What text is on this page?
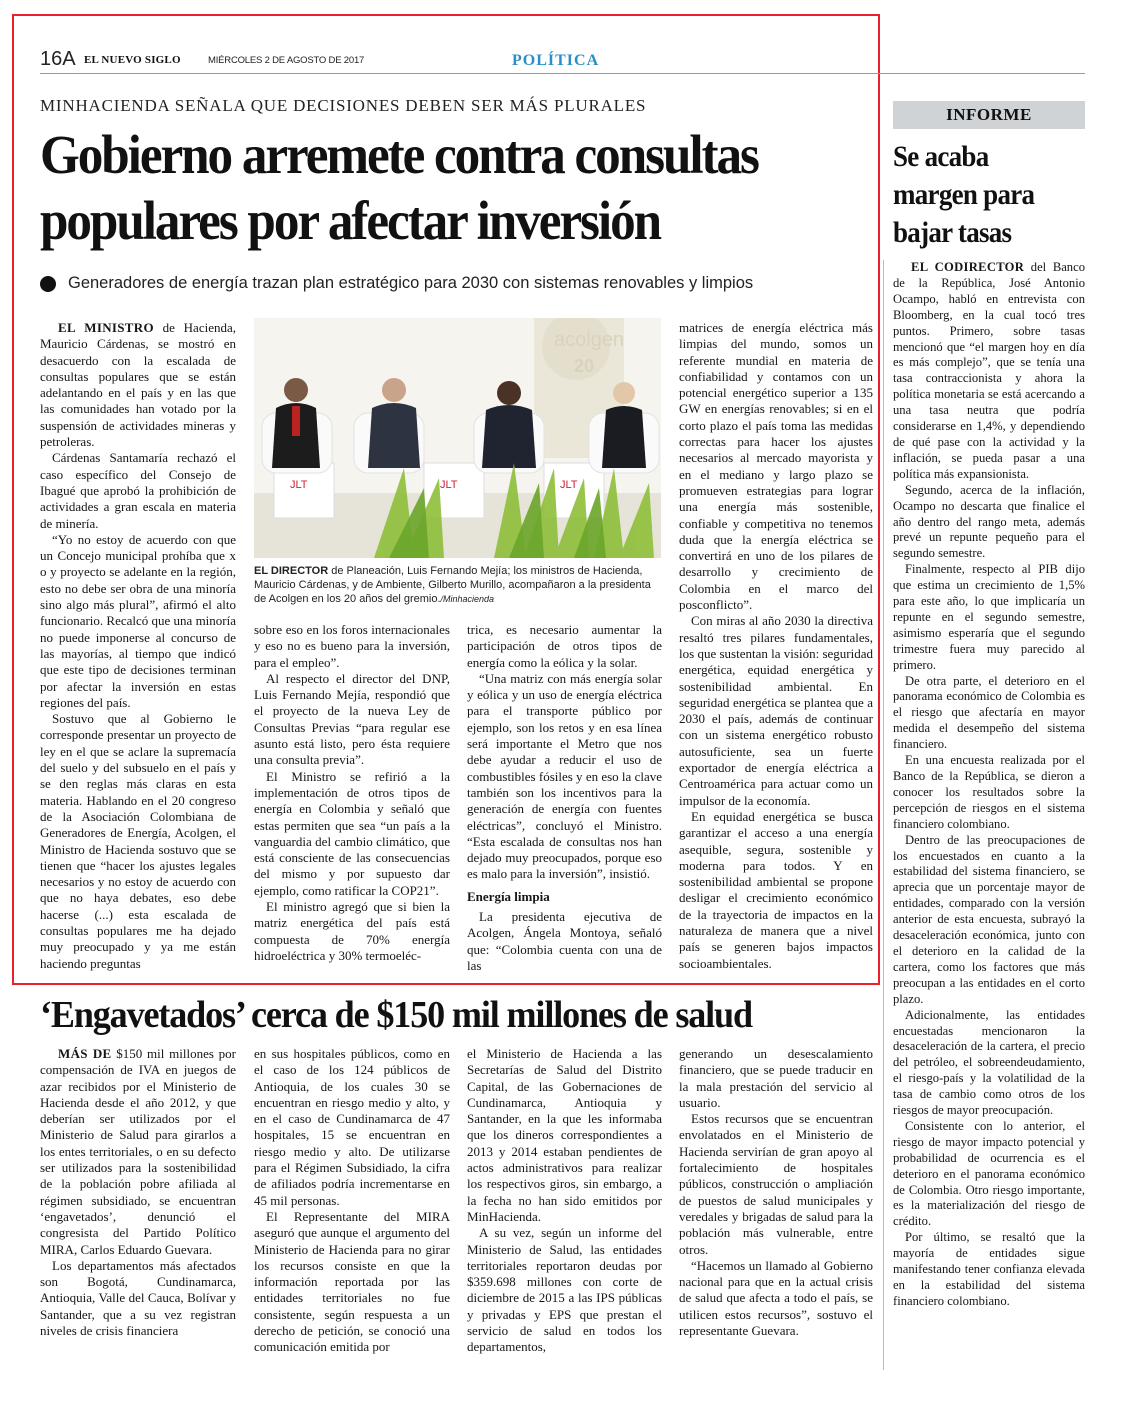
16A EL NUEVO SIGLO	MIÉRCOLES 2 DE AGOSTO DE 2017	POLÍTICA
MINHACIENDA SEÑALA QUE DECISIONES DEBEN SER MÁS PLURALES
Gobierno arremete contra consultas
populares por afectar inversión
Generadores de energía trazan plan estratégico para 2030 con sistemas renovables y limpios

EL MINISTRO de Hacienda, Mauricio Cárdenas, se mostró en desacuerdo con la escalada de consultas populares que se están adelantando en el país y en las que las comunidades han votado por la suspensión de actividades mineras y petroleras.

Cárdenas Santamaría rechazó el caso específico del Consejo de Ibagué que aprobó la prohibición de actividades a gran escala en materia de minería.

“Yo no estoy de acuerdo con que un Concejo municipal prohíba que x o y proyecto se adelante en la región, esto no debe ser obra de una minoría sino algo más plural”, afirmó el alto funcionario. Recalcó que una minoría no puede imponerse al concurso de las mayorías, al tiempo que indicó que este tipo de decisiones terminan por afectar la inversión en estas regiones del país.

Sostuvo que al Gobierno le corresponde presentar un proyecto de ley en el que se aclare la supremacía del suelo y del subsuelo en el país y se den reglas más claras en esta materia. Hablando en el 20 congreso de la Asociación Colombiana de Generadores de Energía, Acolgen, el Ministro de Hacienda sostuvo que se tienen que “hacer los ajustes legales necesarios y no estoy de acuerdo con que no haya debates, eso debe hacerse (...) esta escalada de consultas populares me ha dejado muy preocupado y ya me están haciendo preguntas

acolgen
20
JLT	JLT	JLT
EL DIRECTOR de Planeación, Luis Fernando Mejía; los ministros de Hacienda, Mauricio Cárdenas, y de Ambiente, Gilberto Murillo, acompañaron a la presidenta de Acolgen en los 20 años del gremio./Minhacienda

sobre eso en los foros internacionales y eso no es bueno para la inversión, para el empleo”.

Al respecto el director del DNP, Luis Fernando Mejía, respondió que el proyecto de la nueva Ley de Consultas Previas “para regular ese asunto está listo, pero ésta requiere una consulta previa”.

El Ministro se refirió a la implementación de otros tipos de energía en Colombia y señaló que estas permiten que sea “un país a la vanguardia del cambio climático, que está consciente de las consecuencias del mismo y por supuesto dar ejemplo, como ratificar la COP21”.

El ministro agregó que si bien la matriz energética del país está compuesta de 70% energía hidroeléctrica y 30% termoeléc-

trica, es necesario aumentar la participación de otros tipos de energía como la eólica y la solar.

“Una matriz con más energía solar y eólica y un uso de energía eléctrica para el transporte público por ejemplo, son los retos y en esa línea será importante el Metro que nos debe ayudar a reducir el uso de combustibles fósiles y en eso la clave también son los incentivos para la generación de energía con fuentes eléctricas”, concluyó el Ministro. “Esta escalada de consultas nos han dejado muy preocupados, porque eso es malo para la inversión”, insistió.

Energía limpia

La presidenta ejecutiva de Acolgen, Ángela Montoya, señaló que: “Colombia cuenta con una de las

matrices de energía eléctrica más limpias del mundo, somos un referente mundial en materia de confiabilidad y contamos con un potencial energético superior a 135 GW en energías renovables; si en el corto plazo el país toma las medidas correctas para hacer los ajustes necesarios al mercado mayorista y en el mediano y largo plazo se promueven estrategias para lograr una energía más sostenible, confiable y competitiva no tenemos duda que la energía eléctrica se convertirá en uno de los pilares de desarrollo y crecimiento de Colombia en el marco del posconflicto”.

Con miras al año 2030 la directiva resaltó tres pilares fundamentales, los que sustentan la visión: seguridad energética, equidad energética y sostenibilidad ambiental. En seguridad energética se plantea que a 2030 el país, además de continuar con un sistema energético robusto autosuficiente, sea un fuerte exportador de energía eléctrica a Centroamérica para actuar como un impulsor de la economía.

En equidad energética se busca garantizar el acceso a una energía asequible, segura, sostenible y moderna para todos. Y en sostenibilidad ambiental se propone desligar el crecimiento económico de la trayectoria de impactos en la naturaleza de manera que a nivel país se generen bajos impactos socioambientales.

INFORME
Se acaba
margen para
bajar tasas

EL CODIRECTOR del Banco de la República, José Antonio Ocampo, habló en entrevista con Bloomberg, en la cual tocó tres puntos. Primero, sobre tasas mencionó que “el margen hoy en día es más complejo”, que se tenía una tasa contraccionista y ahora la política monetaria se está acercando a una tasa neutra que podría considerarse en 1,4%, y dependiendo de qué pase con la actividad y la inflación, se pueda pasar a una política más expansionista.

Segundo, acerca de la inflación, Ocampo no descarta que finalice el año dentro del rango meta, además prevé un repunte pequeño para el segundo semestre.

Finalmente, respecto al PIB dijo que estima un crecimiento de 1,5% para este año, lo que implicaría un repunte en el segundo semestre, asimismo esperaría que el segundo trimestre fuera muy parecido al primero.

De otra parte, el deterioro en el panorama económico de Colombia es el riesgo que afectaría en mayor medida el desempeño del sistema financiero.

En una encuesta realizada por el Banco de la República, se dieron a conocer los resultados sobre la percepción de riesgos en el sistema financiero colombiano.

Dentro de las preocupaciones de los encuestados en cuanto a la estabilidad del sistema financiero, se aprecia que un porcentaje mayor de entidades, comparado con la versión anterior de esta encuesta, subrayó la desaceleración económica, junto con el deterioro en la calidad de la cartera, como los factores que más preocupan a las entidades en el corto plazo.

Adicionalmente, las entidades encuestadas mencionaron la desaceleración de la cartera, el precio del petróleo, el sobreendeudamiento, el riesgo-país y la volatilidad de la tasa de cambio como otros de los riesgos de mayor preocupación.

Consistente con lo anterior, el riesgo de mayor impacto potencial y probabilidad de ocurrencia es el deterioro en el panorama económico de Colombia. Otro riesgo importante, es la materialización del riesgo de crédito.

Por último, se resaltó que la mayoría de entidades sigue manifestando tener confianza elevada en la estabilidad del sistema financiero colombiano.

‘Engavetados’ cerca de $150 mil millones de salud

MÁS DE $150 mil millones por compensación de IVA en juegos de azar recibidos por el Ministerio de Hacienda desde el año 2012, y que deberían ser utilizados por el Ministerio de Salud para girarlos a los entes territoriales, o en su defecto ser utilizados para la sostenibilidad de la población pobre afiliada al régimen subsidiado, se encuentran ‘engavetados’, denunció el congresista del Partido Político MIRA, Carlos Eduardo Guevara.

Los departamentos más afectados son Bogotá, Cundinamarca, Antioquia, Valle del Cauca, Bolívar y Santander, que a su vez registran niveles de crisis financiera

en sus hospitales públicos, como en el caso de los 124 públicos de Antioquia, de los cuales 30 se encuentran en riesgo medio y alto, y en el caso de Cundinamarca de 47 hospitales, 15 se encuentran en riesgo medio y alto. De utilizarse para el Régimen Subsidiado, la cifra de afiliados podría incrementarse en 45 mil personas.

El Representante del MIRA aseguró que aunque el argumento del Ministerio de Hacienda para no girar los recursos consiste en que la información reportada por las entidades territoriales no fue consistente, según respuesta a un derecho de petición, se conoció una comunicación emitida por

el Ministerio de Hacienda a las Secretarías de Salud del Distrito Capital, de las Gobernaciones de Cundinamarca, Antioquia y Santander, en la que les informaba que los dineros correspondientes a 2013 y 2014 estaban pendientes de actos administrativos para realizar los respectivos giros, sin embargo, a la fecha no han sido emitidos por MinHacienda.

A su vez, según un informe del Ministerio de Salud, las entidades territoriales reportaron deudas por $359.698 millones con corte de diciembre de 2015 a las IPS públicas y privadas y EPS que prestan el servicio de salud en todos los departamentos,

generando un desescalamiento financiero, que se puede traducir en la mala prestación del servicio al usuario.

Estos recursos que se encuentran envolatados en el Ministerio de Hacienda servirían de gran apoyo al fortalecimiento de hospitales públicos, construcción o ampliación de puestos de salud municipales y veredales y brigadas de salud para la población más vulnerable, entre otros.

“Hacemos un llamado al Gobierno nacional para que en la actual crisis de salud que afecta a todo el país, se utilicen estos recursos”, sostuvo el representante Guevara.
